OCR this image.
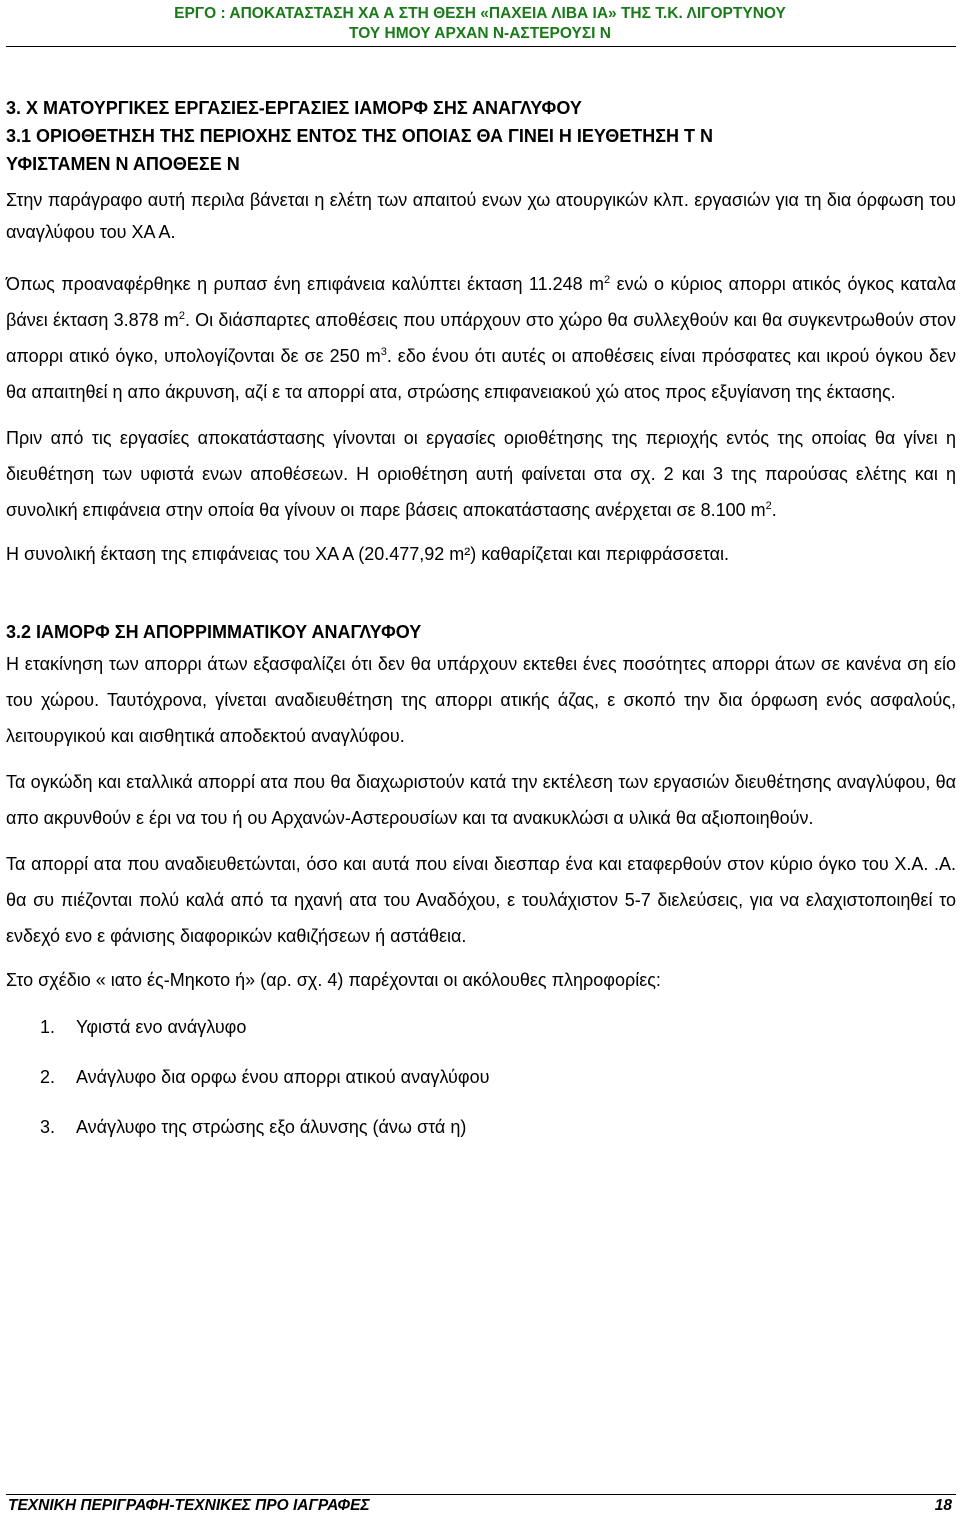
ΕΡΓΟ : ΑΠΟΚΑΤΑΣΤΑΣΗ ΧΑ Α ΣΤΗ ΘΕΣΗ «ΠΑΧΕΙΑ ΛΙΒΑ ΙΑ» ΤΗΣ Τ.Κ. ΛΙΓΟΡΤΥΝΟΥ
ΤΟΥ ΗΜΟΥ ΑΡΧΑΝ Ν-ΑΣΤΕΡΟΥΣΙ Ν

3. Χ ΜΑΤΟΥΡΓΙΚΕΣ ΕΡΓΑΣΙΕΣ-ΕΡΓΑΣΙΕΣ ΙΑΜΟΡΦ ΣΗΣ ΑΝΑΓΛΥΦΟΥ

3.1 ΟΡΙΟΘΕΤΗΣΗ ΤΗΣ ΠΕΡΙΟΧΗΣ ΕΝΤΟΣ ΤΗΣ ΟΠΟΙΑΣ ΘΑ ΓΙΝΕΙ Η ΙΕΥΘΕΤΗΣΗ Τ Ν

ΥΦΙΣΤΑΜΕΝ Ν ΑΠΟΘΕΣΕ Ν

Στην παράγραφο αυτή περιλα βάνεται η ελέτη των απαιτού ενων χω ατουργικών κλπ. εργασιών για τη δια όρφωση του αναγλύφου του ΧΑ Α.

Όπως προαναφέρθηκε η ρυπασ ένη επιφάνεια καλύπτει έκταση 11.248 $m^2$ ενώ ο κύριος απορρι ατικός όγκος καταλα βάνει έκταση 3.878 $m^2$. Οι διάσπαρτες αποθέσεις που υπάρχουν στο χώρο θα συλλεχθούν και θα συγκεντρωθούν στον απορρι ατικό όγκο, υπολογίζονται δε σε 250 $m^3$. εδο ένου ότι αυτές οι αποθέσεις είναι πρόσφατες και ικρού όγκου δεν θα απαιτηθεί η απο άκρυνση, αζί ε τα απορρί ατα, στρώσης επιφανειακού χώ ατος προς εξυγίανση της έκτασης.

Πριν από τις εργασίες αποκατάστασης γίνονται οι εργασίες οριοθέτησης της περιοχής εντός της οποίας θα γίνει η διευθέτηση των υφιστά ενων αποθέσεων. Η οριοθέτηση αυτή φαίνεται στα σχ. 2 και 3 της παρούσας ελέτης και η συνολική επιφάνεια στην οποία θα γίνουν οι παρε βάσεις αποκατάστασης ανέρχεται σε 8.100 $m^2$.

Η συνολική έκταση της επιφάνειας του ΧΑ Α (20.477,92 m²) καθαρίζεται και περιφράσσεται.

3.2 ΙΑΜΟΡΦ ΣΗ ΑΠΟΡΡΙΜΜΑΤΙΚΟΥ ΑΝΑΓΛΥΦΟΥ

Η ετακίνηση των απορρι άτων εξασφαλίζει ότι δεν θα υπάρχουν εκτεθει ένες ποσότητες απορρι άτων σε κανένα ση είο του χώρου. Ταυτόχρονα, γίνεται αναδιευθέτηση της απορρι ατικής άζας, ε σκοπό την δια όρφωση ενός ασφαλούς, λειτουργικού και αισθητικά αποδεκτού αναγλύφου.

Τα ογκώδη και εταλλικά απορρί ατα που θα διαχωριστούν κατά την εκτέλεση των εργασιών διευθέτησης αναγλύφου, θα απο ακρυνθούν ε έρι να του ή ου Αρχανών-Αστερουσίων και τα ανακυκλώσι α υλικά θα αξιοποιηθούν.

Τα απορρί ατα που αναδιευθετώνται, όσο και αυτά που είναι διεσπαρ ένα και εταφερθούν στον κύριο όγκο του Χ.Α. .Α. θα συ πιέζονται πολύ καλά από τα ηχανή ατα του Αναδόχου, ε τουλάχιστον 5-7 διελεύσεις, για να ελαχιστοποιηθεί το ενδεχό ενο ε φάνισης διαφορικών καθιζήσεων ή αστάθεια.

Στο σχέδιο « ιατο ές-Μηκοτο ή» (αρ. σχ. 4) παρέχονται οι ακόλουθες πληροφορίες:

1. Υφιστά ενο ανάγλυφο
2. Ανάγλυφο δια ορφω ένου απορρι ατικού αναγλύφου
3. Ανάγλυφο της στρώσης εξο άλυνσης (άνω στά η)
ΤΕΧΝΙΚΗ ΠΕΡΙΓΡΑΦΗ-ΤΕΧΝΙΚΕΣ ΠΡΟ ΙΑΓΡΑΦΕΣ	18
